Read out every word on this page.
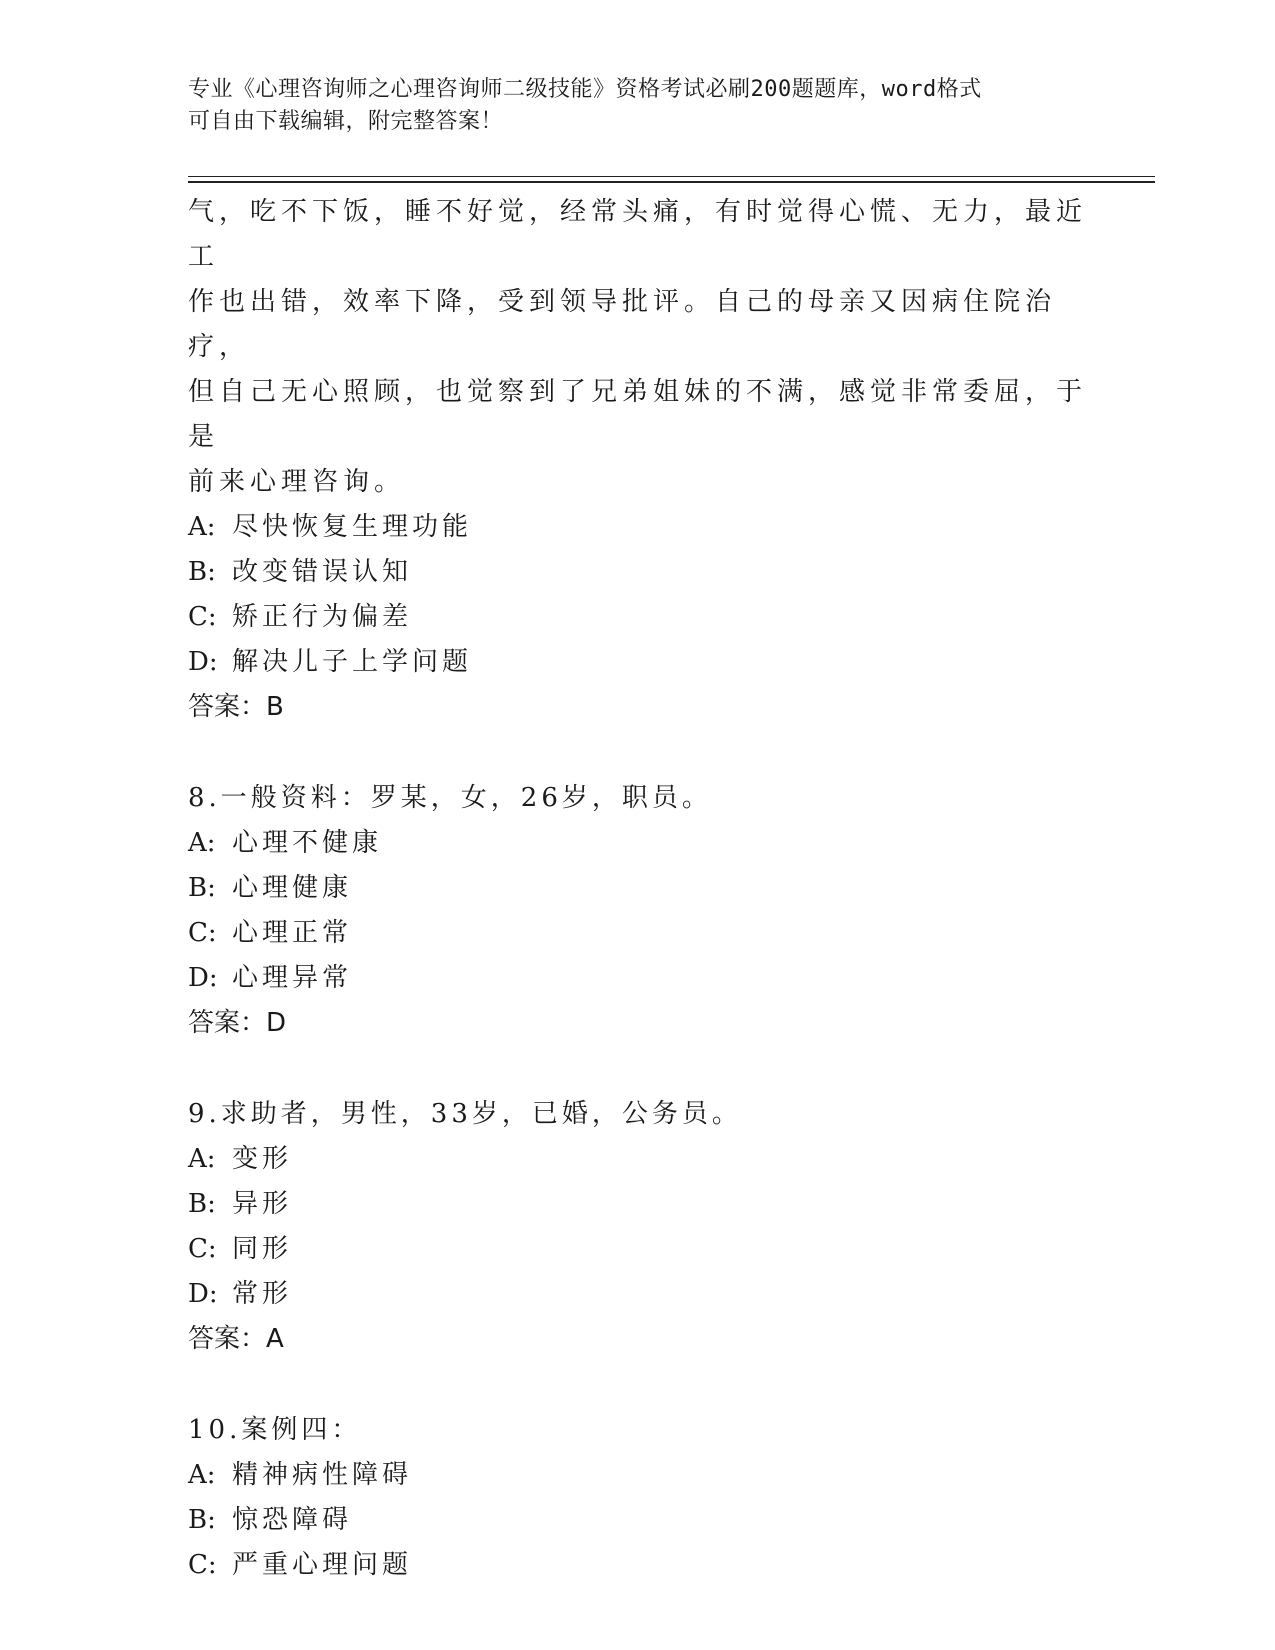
专业《心理咨询师之心理咨询师二级技能》资格考试必刷200题题库，word格式
可自由下载编辑，附完整答案！

气，吃不下饭，睡不好觉，经常头痛，有时觉得心慌、无力，最近工

作也出错，效率下降，受到领导批评。自己的母亲又因病住院治疗，

但自己无心照顾，也觉察到了兄弟姐妹的不满，感觉非常委屈，于是

前来心理咨询。

A: 尽快恢复生理功能

B: 改变错误认知

C: 矫正行为偏差

D: 解决儿子上学问题

答案：B

8.一般资料：罗某，女，26岁，职员。

A: 心理不健康

B: 心理健康

C: 心理正常

D: 心理异常

答案：D

9.求助者，男性，33岁，已婚，公务员。

A: 变形

B: 异形

C: 同形

D: 常形

答案：A

10.案例四：

A: 精神病性障碍

B: 惊恐障碍

C: 严重心理问题
